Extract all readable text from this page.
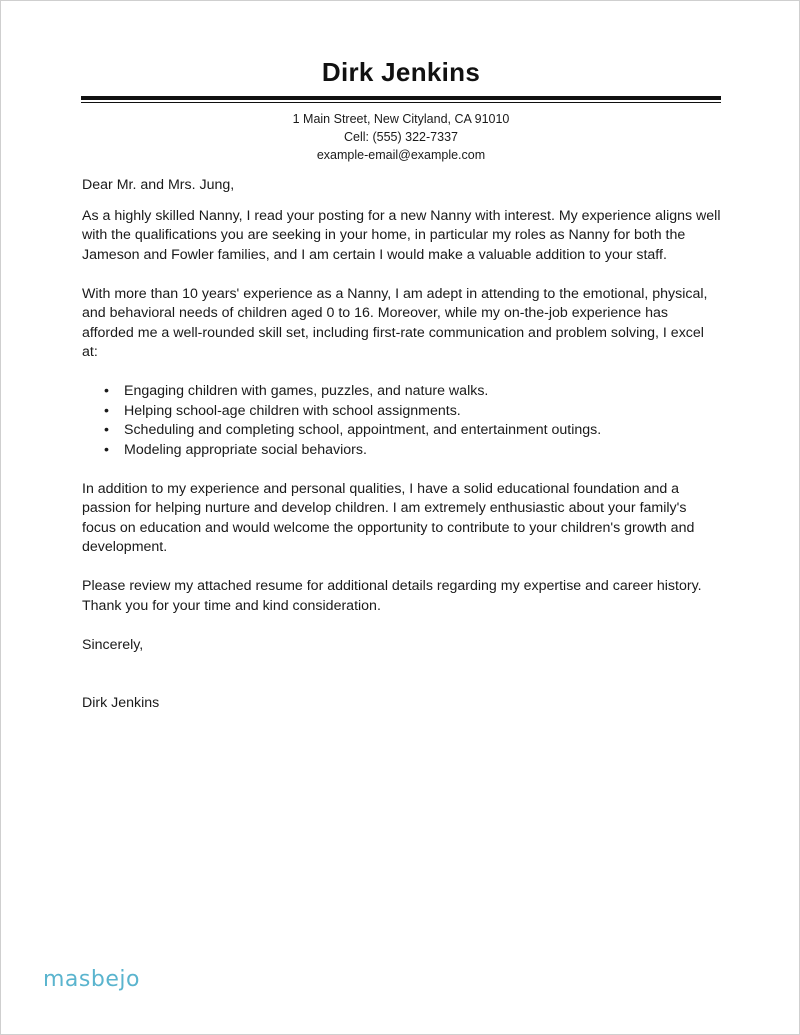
Dirk Jenkins
1 Main Street, New Cityland, CA 91010
Cell: (555) 322-7337
example-email@example.com

Dear Mr. and Mrs. Jung,

As a highly skilled Nanny, I read your posting for a new Nanny with interest. My experience aligns well with the qualifications you are seeking in your home, in particular my roles as Nanny for both the Jameson and Fowler families, and I am certain I would make a valuable addition to your staff.

With more than 10 years' experience as a Nanny, I am adept in attending to the emotional, physical, and behavioral needs of children aged 0 to 16. Moreover, while my on-the-job experience has afforded me a well-rounded skill set, including first-rate communication and problem solving, I excel at:

• Engaging children with games, puzzles, and nature walks.
• Helping school-age children with school assignments.
• Scheduling and completing school, appointment, and entertainment outings.
• Modeling appropriate social behaviors.

In addition to my experience and personal qualities, I have a solid educational foundation and a passion for helping nurture and develop children. I am extremely enthusiastic about your family's focus on education and would welcome the opportunity to contribute to your children's growth and development.

Please review my attached resume for additional details regarding my expertise and career history. Thank you for your time and kind consideration.

Sincerely,

Dirk Jenkins

masbejo
